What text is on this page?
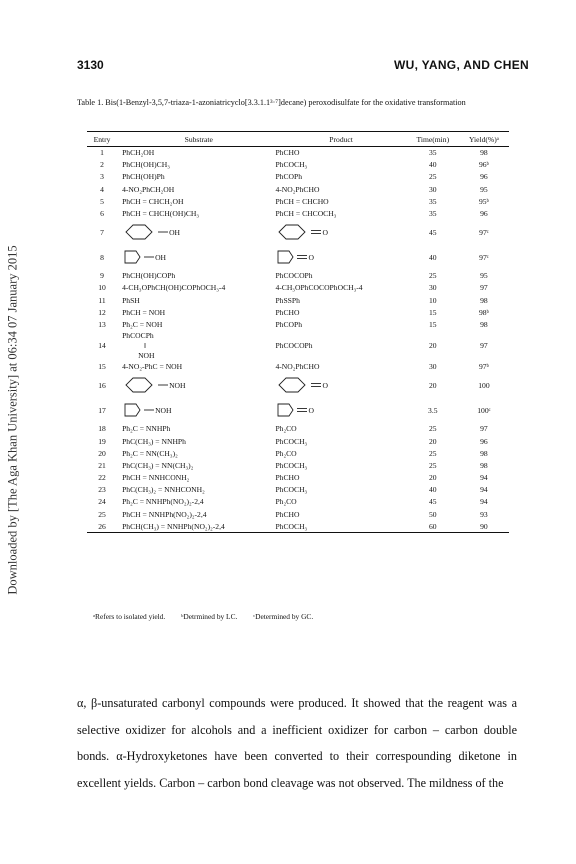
Downloaded by [The Aga Khan University] at 06:34 07 January 2015
3130	WU, YANG, AND CHEN
Table 1. Bis(1-Benzyl-3,5,7-triaza-1-azoniatricyclo[3.3.1.1³·⁷]decane) peroxodisulfate for the oxidative transformation
Entry	Substrate	Product	Time(min)	Yield(%)ᵃ
1	PhCH₂OH	PhCHO	35	98
2	PhCH(OH)CH₃	PhCOCH₃	40	96ᵇ
3	PhCH(OH)Ph	PhCOPh	25	96
4	4-NO₂PhCH₂OH	4-NO₂PhCHO	30	95
5	PhCH = CHCH₂OH	PhCH = CHCHO	35	95ᵇ
6	PhCH = CHCH(OH)CH₃	PhCH = CHCOCH₃	35	96
7	OH	O	45	97ᶜ
8	OH	O	40	97ᶜ
9	PhCH(OH)COPh	PhCOCOPh	25	95
10	4-CH₃OPhCH(OH)COPhOCH₃-4	4-CH₃OPhCOCOPhOCH₃-4	30	97
11	PhSH	PhSSPh	10	98
12	PhCH = NOH	PhCHO	15	98ᵇ
13	Ph₂C = NOH	PhCOPh	15	98
14	PhCOCPh
‖
NOH	PhCOCOPh	20	97
15	4-NO₂-PhC = NOH	4-NO₂PhCHO	30	97ᵇ
16	NOH	O	20	100
17	NOH	O	3.5	100ᶜ
18	Ph₂C = NNHPh	Ph₂CO	25	97
19	PhC(CH₃) = NNHPh	PhCOCH₃	20	96
20	Ph₂C = NN(CH₃)₂	Ph₂CO	25	98
21	PhC(CH₃) = NN(CH₃)₂	PhCOCH₃	25	98
22	PhCH = NNHCONH₂	PhCHO	20	94
23	PhC(CH₃)₂ = NNHCONH₂	PhCOCH₃	40	94
24	Ph₂C = NNHPh(NO₂)₂-2,4	Ph₂CO	45	94
25	PhCH = NNHPh(NO₂)₂-2,4	PhCHO	50	93
26	PhCH(CH₃) = NNHPh(NO₂)₂-2,4	PhCOCH₃	60	90
ᵃRefers to isolated yield. ᵇDetrmined by LC. ᶜDetermined by GC.

α, β-unsaturated carbonyl compounds were produced. It showed that the reagent was a selective oxidizer for alcohols and a inefficient oxidizer for carbon – carbon double bonds. α-Hydroxyketones have been converted to their correspounding diketone in excellent yields. Carbon – carbon bond cleavage was not observed. The mildness of the
